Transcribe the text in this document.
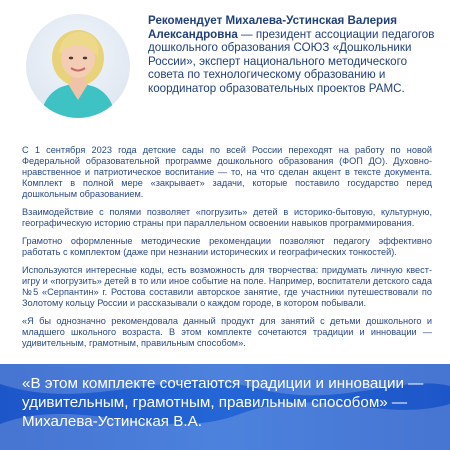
Рекомендует Михалева-Устинская Валерия Александровна — президент ассоциации педагогов дошкольного образования СОЮЗ «Дошкольники России», эксперт национального методического совета по технологическому образованию и координатор образовательных проектов РАМС.

С 1 сентября 2023 года детские сады по всей России переходят на работу по новой Федеральной образовательной программе дошкольного образования (ФОП ДО). Духовно-нравственное и патриотическое воспитание — то, на что сделан акцент в тексте документа. Комплект в полной мере «закрывает» задачи, которые поставило государство перед дошкольным образованием.

Взаимодействие с полями позволяет «погрузить» детей в историко-бытовую, культурную, географическую историю страны при параллельном освоении навыков программирования.

Грамотно оформленные методические рекомендации позволяют педагогу эффективно работать с комплектом (даже при незнании исторических и географических тонкостей).

Используются интересные коды, есть возможность для творчества: придумать личную квест-игру и «погрузить» детей в то или иное событие на поле. Например, воспитатели детского сада №5 «Серпантин» г. Ростова составили авторское занятие, где участники путешествовали по Золотому кольцу России и рассказывали о каждом городе, в котором побывали.

«Я бы однозначно рекомендовала данный продукт для занятий с детьми дошкольного и младшего школьного возраста. В этом комплекте сочетаются традиции и инновации — удивительным, грамотным, правильным способом».

«В этом комплекте сочетаются традиции и инновации — удивительным, грамотным, правильным способом» — Михалева-Устинская В.А.
